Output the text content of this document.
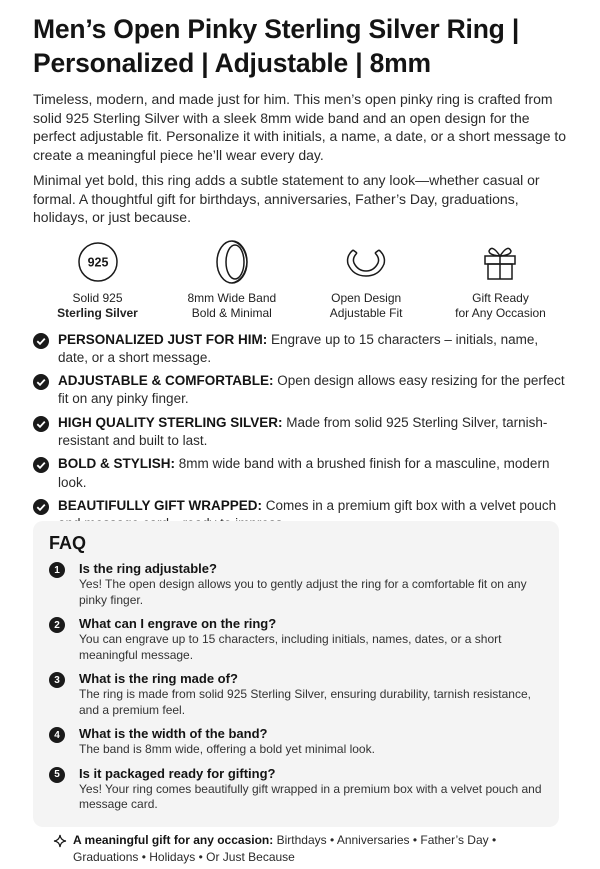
Men’s Open Pinky Sterling Silver Ring | Personalized | Adjustable | 8mm

Timeless, modern, and made just for him. This men’s open pinky ring is crafted from solid 925 Sterling Silver with a sleek 8mm wide band and an open design for the perfect adjustable fit. Personalize it with initials, a name, a date, or a short message to create a meaningful piece he’ll wear every day.

Minimal yet bold, this ring adds a subtle statement to any look—whether casual or formal. A thoughtful gift for birthdays, anniversaries, Father’s Day, graduations, holidays, or just because.

925
Solid 925
Sterling Silver
8mm Wide Band
Bold & Minimal
Open Design
Adjustable Fit
Gift Ready
for Any Occasion
PERSONALIZED JUST FOR HIM: Engrave up to 15 characters – initials, name, date, or a short message.
ADJUSTABLE & COMFORTABLE: Open design allows easy resizing for the perfect fit on any pinky finger.
HIGH QUALITY STERLING SILVER: Made from solid 925 Sterling Silver, tarnish-resistant and built to last.
BOLD & STYLISH: 8mm wide band with a brushed finish for a masculine, modern look.
BEAUTIFULLY GIFT WRAPPED: Comes in a premium gift box with a velvet pouch
FAQ
1	Is the ring adjustable?
Yes! The open design allows you to gently adjust the ring for a comfortable fit on any pinky finger.
2	What can I engrave on the ring?
You can engrave up to 15 characters, including initials, names, dates, or a short meaningful message.
3	What is the ring made of?
The ring is made from solid 925 Sterling Silver, ensuring durability, tarnish resistance, and a premium feel.
4	What is the width of the band?
The band is 8mm wide, offering a bold yet minimal look.
5	Is it packaged ready for gifting?
Yes! Your ring comes beautifully gift wrapped in a premium box with a velvet pouch and message card.
A meaningful gift for any occasion: Birthdays • Anniversaries • Father’s Day • Graduations • Holidays • Or Just Because
